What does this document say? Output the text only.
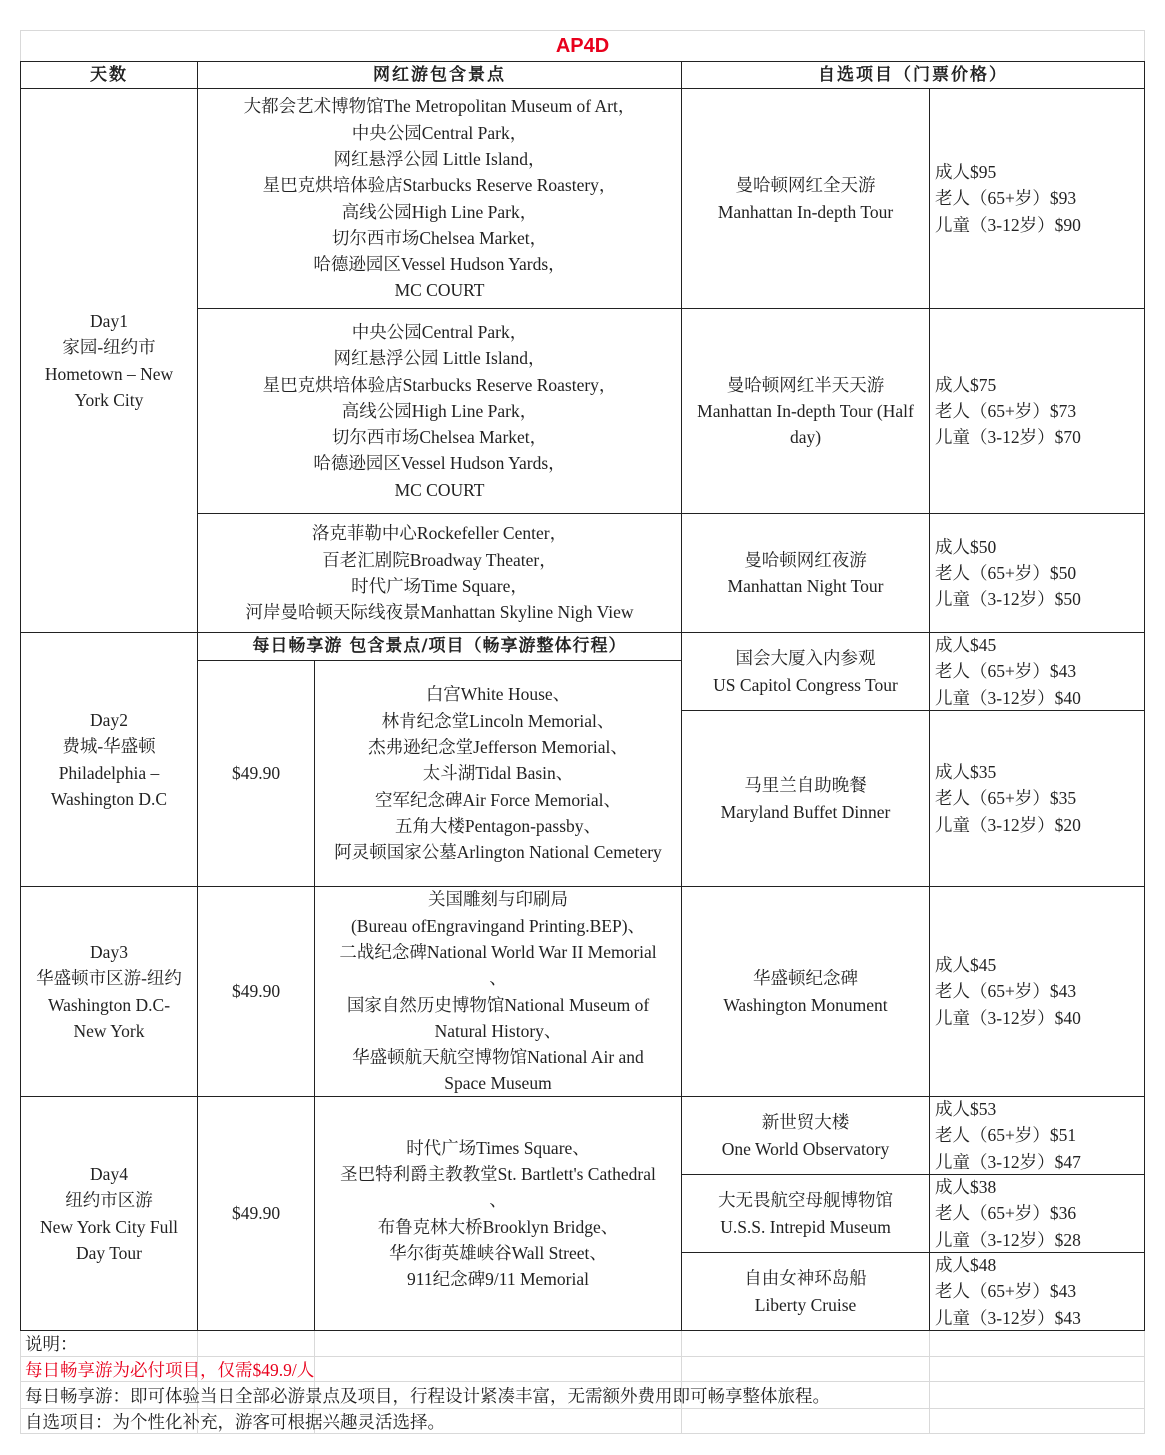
AP4D
天数	网红游包含景点	自选项目（门票价格）
Day1
家园-纽约市
Hometown – New
York City
大都会艺术博物馆The Metropolitan Museum of Art，
中央公园Central Park，
网红悬浮公园 Little Island，
星巴克烘培体验店Starbucks Reserve Roastery，
高线公园High Line Park，
切尔西市场Chelsea Market，
哈德逊园区Vessel Hudson Yards，
MC COURT
曼哈顿网红全天游
Manhattan In-depth Tour
成人$95
老人（65+岁）$93
儿童（3-12岁）$90
中央公园Central Park，
网红悬浮公园 Little Island，
星巴克烘培体验店Starbucks Reserve Roastery，
高线公园High Line Park，
切尔西市场Chelsea Market，
哈德逊园区Vessel Hudson Yards，
MC COURT
曼哈顿网红半天天游
Manhattan In-depth Tour (Half
day)
成人$75
老人（65+岁）$73
儿童（3-12岁）$70
洛克菲勒中心Rockefeller Center，
百老汇剧院Broadway Theater，
时代广场Time Square，
河岸曼哈顿天际线夜景Manhattan Skyline Nigh View
曼哈顿网红夜游
Manhattan Night Tour
成人$50
老人（65+岁）$50
儿童（3-12岁）$50
Day2
费城-华盛顿
Philadelphia –
Washington D.C
每日畅享游 包含景点/项目（畅享游整体行程）
$49.90
白宫White House、
林肯纪念堂Lincoln Memorial、
杰弗逊纪念堂Jefferson Memorial、
太斗湖Tidal Basin、
空军纪念碑Air Force Memorial、
五角大楼Pentagon-passby、
阿灵顿国家公墓Arlington National Cemetery
国会大厦入内参观
US Capitol Congress Tour
成人$45
老人（65+岁）$43
儿童（3-12岁）$40
马里兰自助晚餐
Maryland Buffet Dinner
成人$35
老人（65+岁）$35
儿童（3-12岁）$20
Day3
华盛顿市区游-纽约
Washington D.C-
New York
$49.90
关国雕刻与印刷局
(Bureau ofEngravingand Printing.BEP)、
二战纪念碑National World War II Memorial
、
国家自然历史博物馆National Museum of
Natural History、
华盛顿航天航空博物馆National Air and
Space Museum
华盛顿纪念碑
Washington Monument
成人$45
老人（65+岁）$43
儿童（3-12岁）$40
Day4
纽约市区游
New York City Full
Day Tour
$49.90
时代广场Times Square、
圣巴特利爵主教教堂St. Bartlett's Cathedral
、
布鲁克林大桥Brooklyn Bridge、
华尔街英雄峡谷Wall Street、
911纪念碑9/11 Memorial
新世贸大楼
One World Observatory
成人$53
老人（65+岁）$51
儿童（3-12岁）$47
大无畏航空母舰博物馆
U.S.S. Intrepid Museum
成人$38
老人（65+岁）$36
儿童（3-12岁）$28
自由女神环岛船
Liberty Cruise
成人$48
老人（65+岁）$43
儿童（3-12岁）$43
说明：
每日畅享游为必付项目，仅需$49.9/人
每日畅享游：即可体验当日全部必游景点及项目，行程设计紧凑丰富，无需额外费用即可畅享整体旅程。
自选项目：为个性化补充，游客可根据兴趣灵活选择。
